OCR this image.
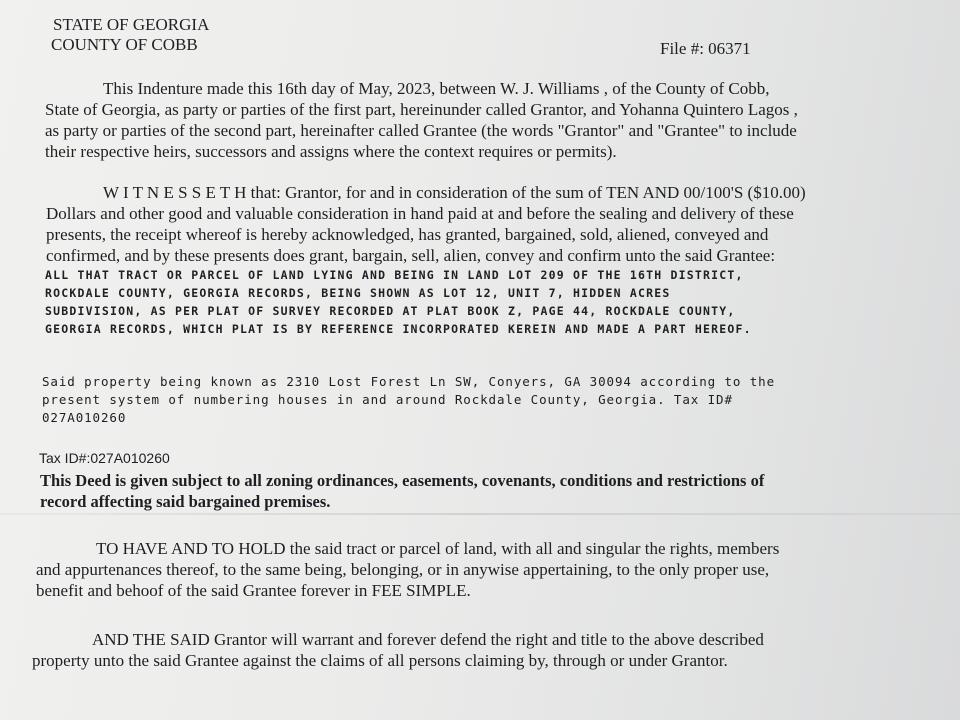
STATE OF GEORGIA
COUNTY OF COBB	File #: 06371
This Indenture made this 16th day of May, 2023, between W. J. Williams , of the County of Cobb,
State of Georgia, as party or parties of the first part, hereinunder called Grantor, and Yohanna Quintero Lagos ,
as party or parties of the second part, hereinafter called Grantee (the words "Grantor" and "Grantee" to include
their respective heirs, successors and assigns where the context requires or permits).
W I T N E S S E T H that: Grantor, for and in consideration of the sum of TEN AND 00/100'S ($10.00)
Dollars and other good and valuable consideration in hand paid at and before the sealing and delivery of these
presents, the receipt whereof is hereby acknowledged, has granted, bargained, sold, aliened, conveyed and
confirmed, and by these presents does grant, bargain, sell, alien, convey and confirm unto the said Grantee:
ALL THAT TRACT OR PARCEL OF LAND LYING AND BEING IN LAND LOT 209 OF THE 16TH DISTRICT,
ROCKDALE COUNTY, GEORGIA RECORDS, BEING SHOWN AS LOT 12, UNIT 7, HIDDEN ACRES
SUBDIVISION, AS PER PLAT OF SURVEY RECORDED AT PLAT BOOK Z, PAGE 44, ROCKDALE COUNTY,
GEORGIA RECORDS, WHICH PLAT IS BY REFERENCE INCORPORATED KEREIN AND MADE A PART HEREOF.
Said property being known as 2310 Lost Forest Ln SW, Conyers, GA 30094 according to the
present system of numbering houses in and around Rockdale County, Georgia. Tax ID#
027A010260
Tax ID#:027A010260
This Deed is given subject to all zoning ordinances, easements, covenants, conditions and restrictions of
record affecting said bargained premises.
TO HAVE AND TO HOLD the said tract or parcel of land, with all and singular the rights, members
and appurtenances thereof, to the same being, belonging, or in anywise appertaining, to the only proper use,
benefit and behoof of the said Grantee forever in FEE SIMPLE.
AND THE SAID Grantor will warrant and forever defend the right and title to the above described
property unto the said Grantee against the claims of all persons claiming by, through or under Grantor.
